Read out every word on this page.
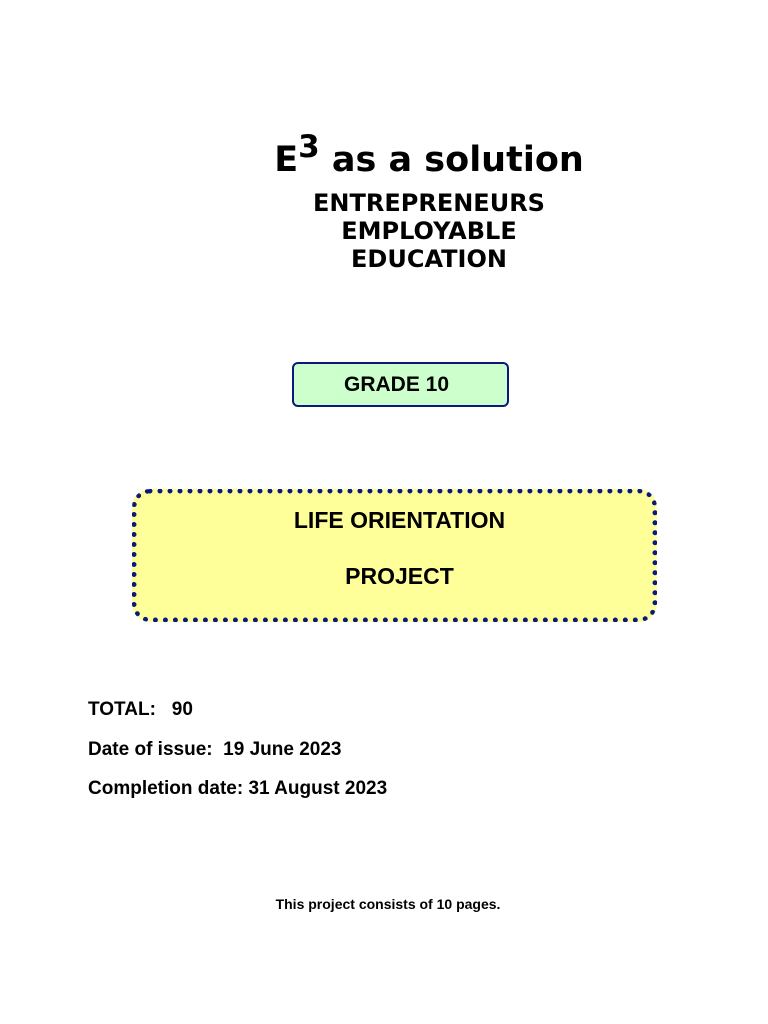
$E^3$ as a solution
ENTREPRENEURS
EMPLOYABLE
EDUCATION
GRADE 10
LIFE ORIENTATION
PROJECT
TOTAL: 90
Date of issue: 19 June 2023
Completion date: 31 August 2023
This project consists of 10 pages.
